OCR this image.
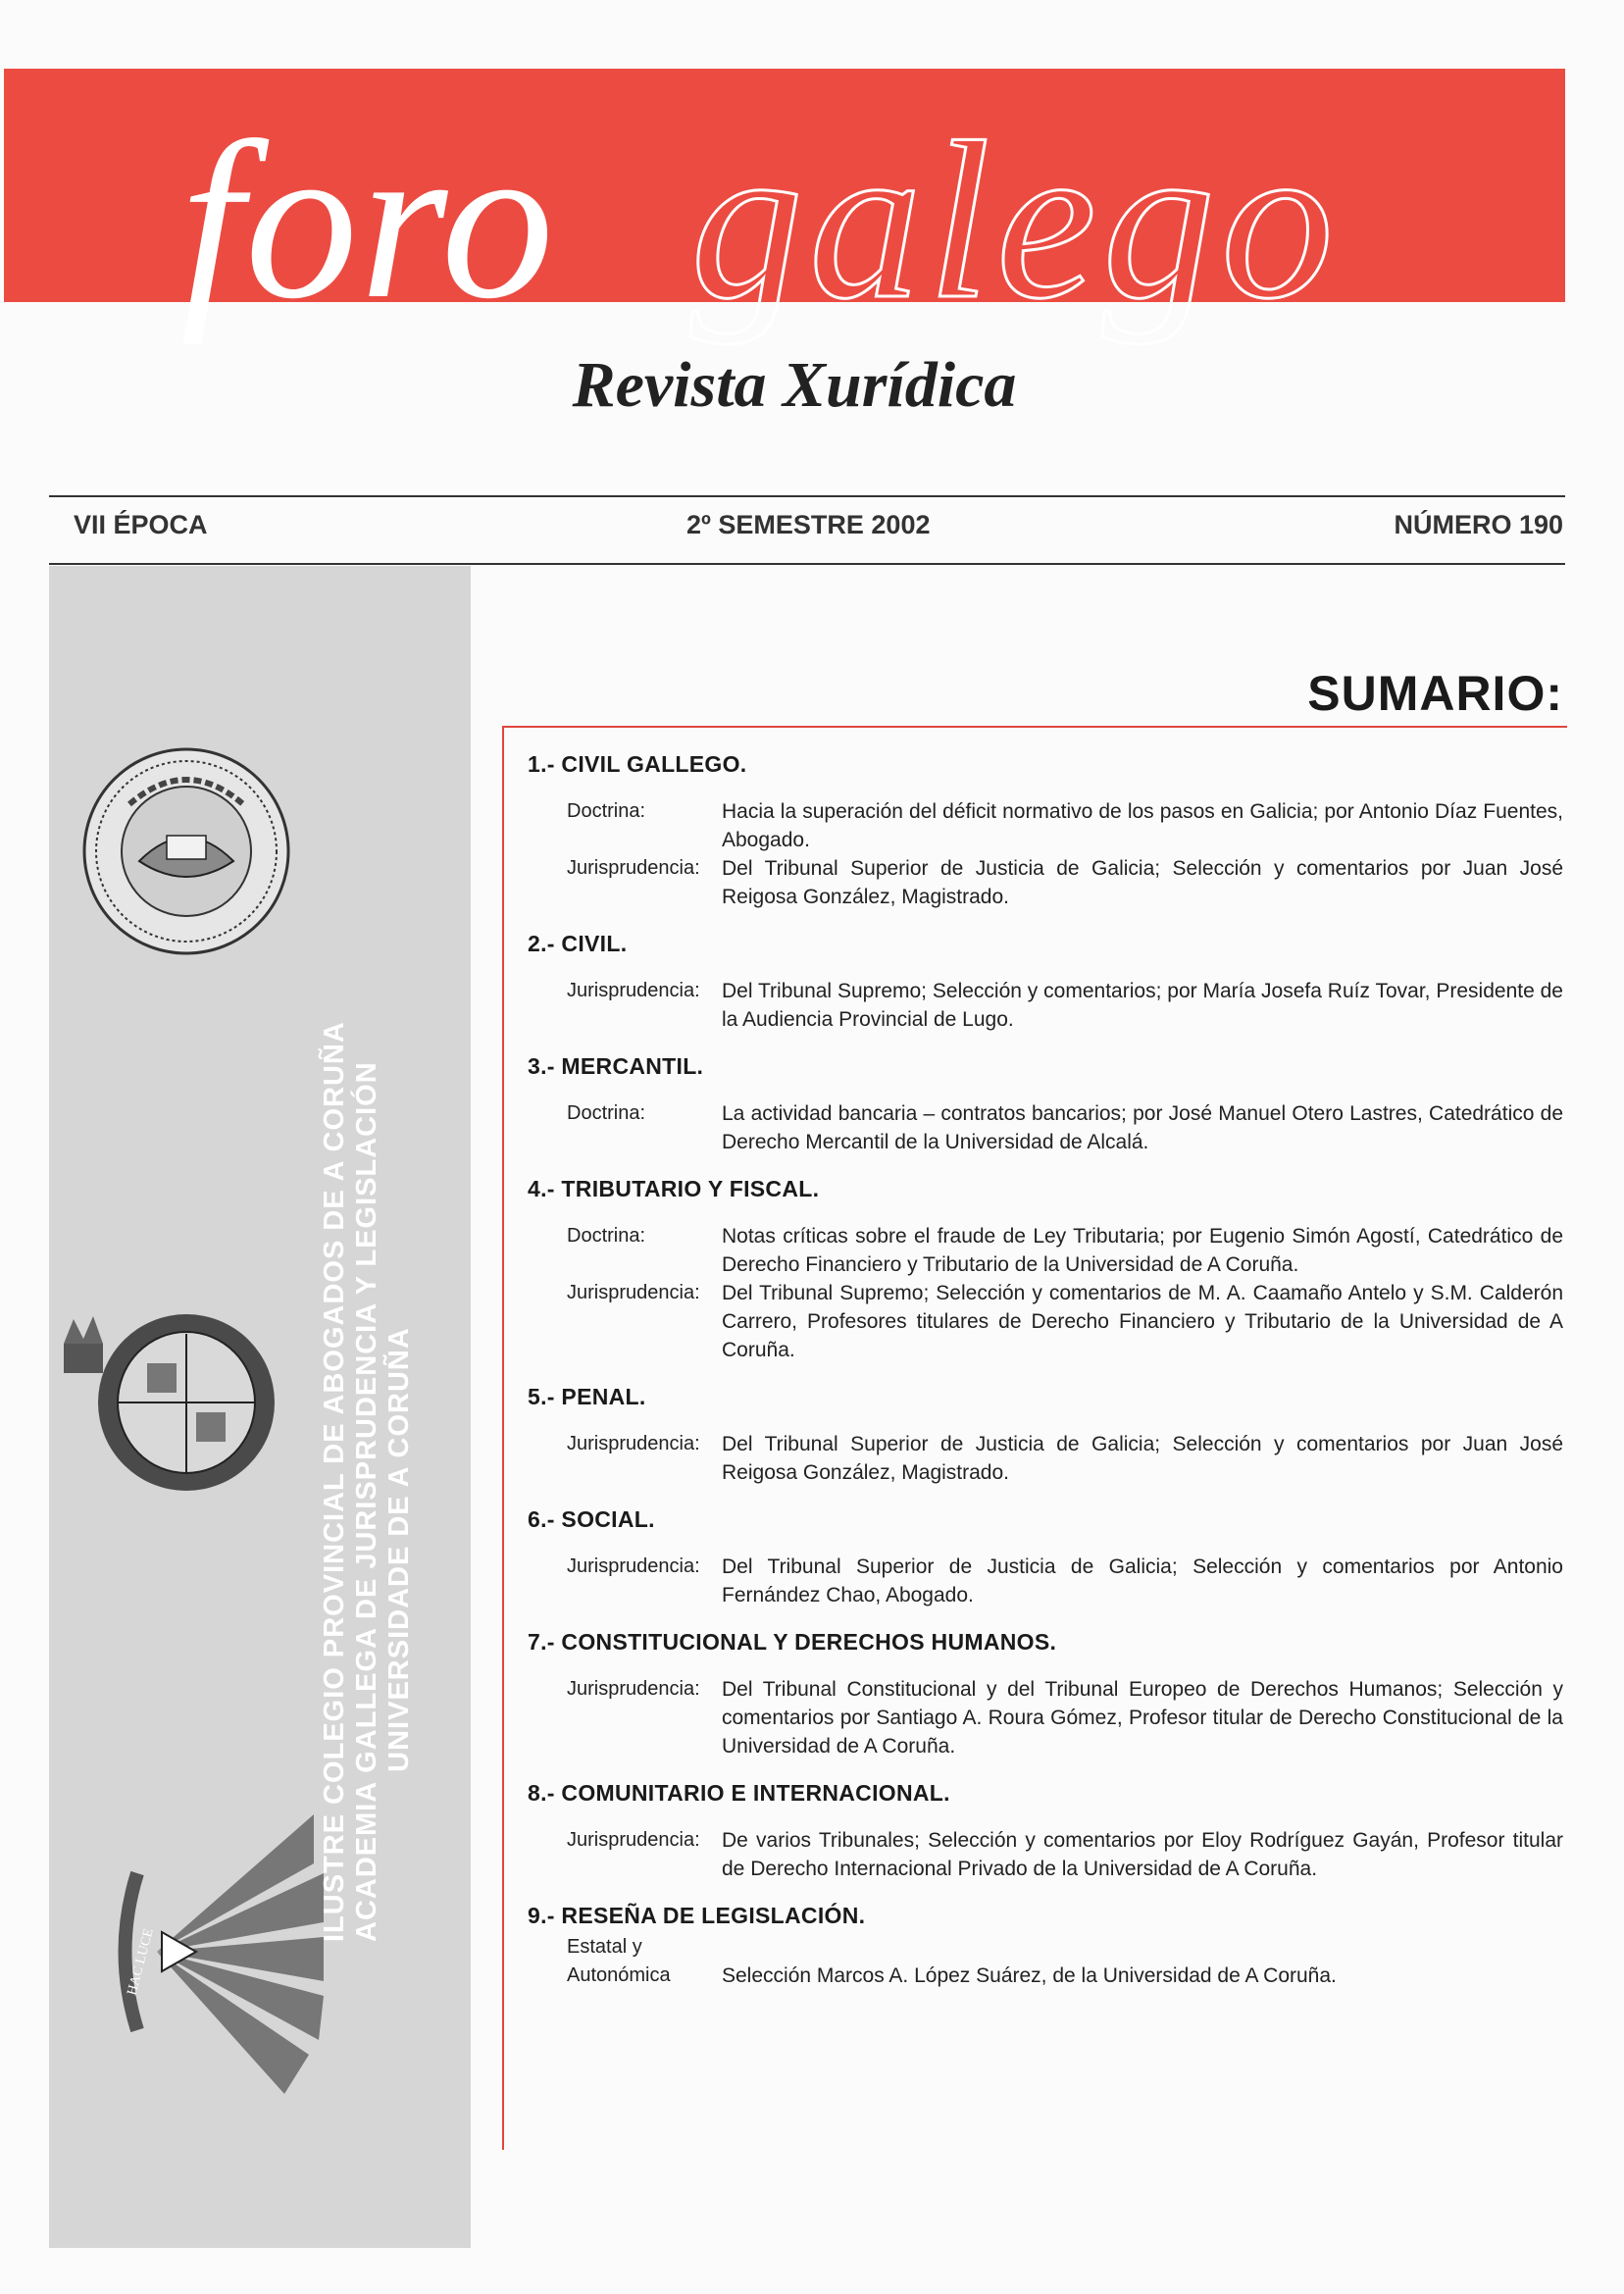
foro galego
Revista Xurídica
VII ÉPOCA	2º SEMESTRE 2002	NÚMERO 190
HAC LUCE
ILUSTRE COLEGIO PROVINCIAL DE ABOGADOS DE A CORUÑA ACADEMIA GALLEGA DE JURISPRUDENCIA Y LEGISLACIÓN UNIVERSIDADE DE A CORUÑA
SUMARIO:
1.- CIVIL GALLEGO.
Doctrina:	Hacia la superación del déficit normativo de los pasos en Galicia; por Antonio Díaz Fuentes, Abogado.
Jurisprudencia:	Del Tribunal Superior de Justicia de Galicia; Selección y comentarios por Juan José Reigosa González, Magistrado.
2.- CIVIL.
Jurisprudencia:	Del Tribunal Supremo; Selección y comentarios; por María Josefa Ruíz Tovar, Presidente de la Audiencia Provincial de Lugo.
3.- MERCANTIL.
Doctrina:	La actividad bancaria – contratos bancarios; por José Manuel Otero Lastres, Catedrático de Derecho Mercantil de la Universidad de Alcalá.
4.- TRIBUTARIO Y FISCAL.
Doctrina:	Notas críticas sobre el fraude de Ley Tributaria; por Eugenio Simón Agostí, Catedrático de Derecho Financiero y Tributario de la Universidad de A Coruña.
Jurisprudencia:	Del Tribunal Supremo; Selección y comentarios de M. A. Caamaño Antelo y S.M. Calderón Carrero, Profesores titulares de Derecho Financiero y Tributario de la Universidad de A Coruña.
5.- PENAL.
Jurisprudencia:	Del Tribunal Superior de Justicia de Galicia; Selección y comentarios por Juan José Reigosa González, Magistrado.
6.- SOCIAL.
Jurisprudencia:	Del Tribunal Superior de Justicia de Galicia; Selección y comentarios por Antonio Fernández Chao, Abogado.
7.- CONSTITUCIONAL Y DERECHOS HUMANOS.
Jurisprudencia:	Del Tribunal Constitucional y del Tribunal Europeo de Derechos Humanos; Selección y comentarios por Santiago A. Roura Gómez, Profesor titular de Derecho Constitucional de la Universidad de A Coruña.
8.- COMUNITARIO E INTERNACIONAL.
Jurisprudencia:	De varios Tribunales; Selección y comentarios por Eloy Rodríguez Gayán, Profesor titular de Derecho Internacional Privado de la Universidad de A Coruña.
9.- RESEÑA DE LEGISLACIÓN.
Estatal y
Autonómica	Selección Marcos A. López Suárez, de la Universidad de A Coruña.
